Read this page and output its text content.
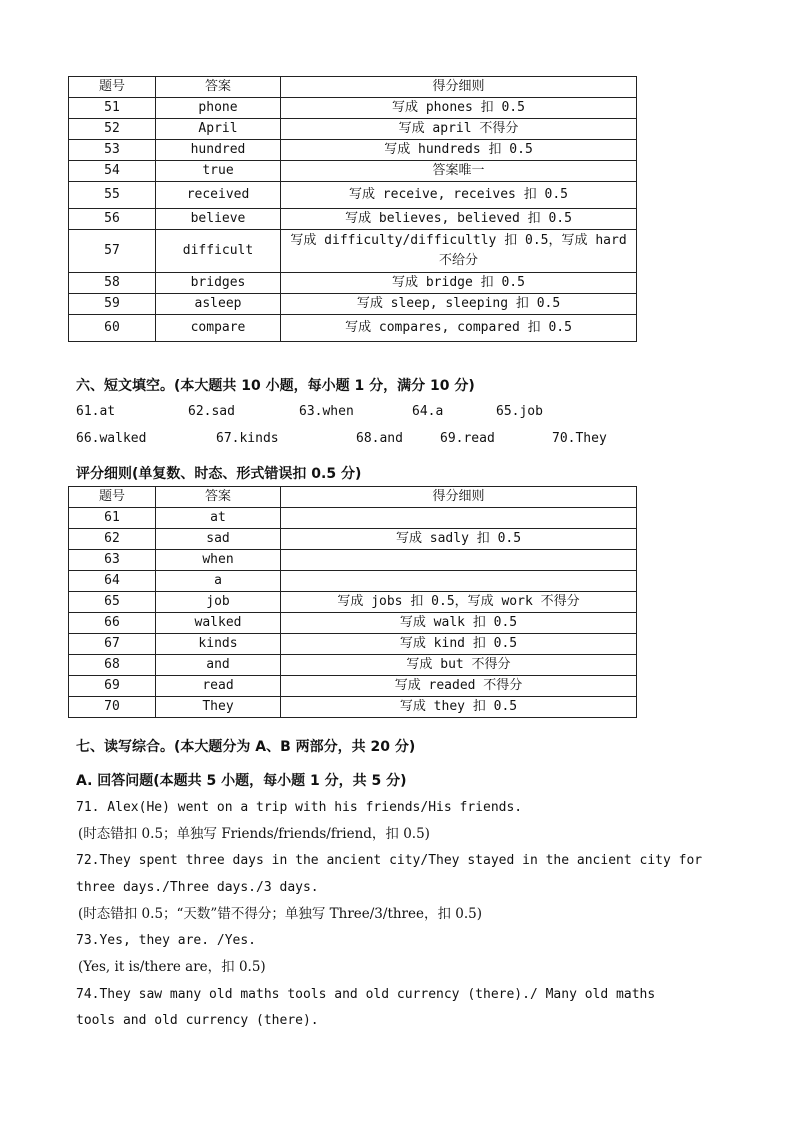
题号	答案	得分细则
51	phone	写成 phones 扣 0.5
52	April	写成 april 不得分
53	hundred	写成 hundreds 扣 0.5
54	true	答案唯一
55	received	写成 receive, receives 扣 0.5
56	believe	写成 believes, believed 扣 0.5
57	difficult	写成 difficulty/difficultly 扣 0.5，写成 hard
不给分

58	bridges	写成 bridge 扣 0.5
59	asleep	写成 sleep, sleeping 扣 0.5
60	compare	写成 compares, compared 扣 0.5
六、短文填空。(本大题共 10 小题，每小题 1 分，满分 10 分)
61.at	62.sad	63.when	64.a	65.job
66.walked	67.kinds	68.and	69.read	70.They
评分细则(单复数、时态、形式错误扣 0.5 分)
题号	答案	得分细则
61	at	
62	sad	写成 sadly 扣 0.5
63	when	
64	a	
65	job	写成 jobs 扣 0.5，写成 work 不得分
66	walked	写成 walk 扣 0.5
67	kinds	写成 kind 扣 0.5
68	and	写成 but 不得分
69	read	写成 readed 不得分
70	They	写成 they 扣 0.5
七、读写综合。(本大题分为 A、B 两部分，共 20 分)
A. 回答问题(本题共 5 小题，每小题 1 分，共 5 分)
71. Alex(He) went on a trip with his friends/His friends.
(时态错扣 0.5；单独写 Friends/friends/friend，扣 0.5)
72.They spent three days in the ancient city/They stayed in the ancient city for
three days./Three days./3 days.
(时态错扣 0.5；“天数”错不得分；单独写 Three/3/three，扣 0.5)
73.Yes, they are. /Yes.
(Yes, it is/there are，扣 0.5)
74.They saw many old maths tools and old currency (there)./ Many old maths
tools and old currency (there).
